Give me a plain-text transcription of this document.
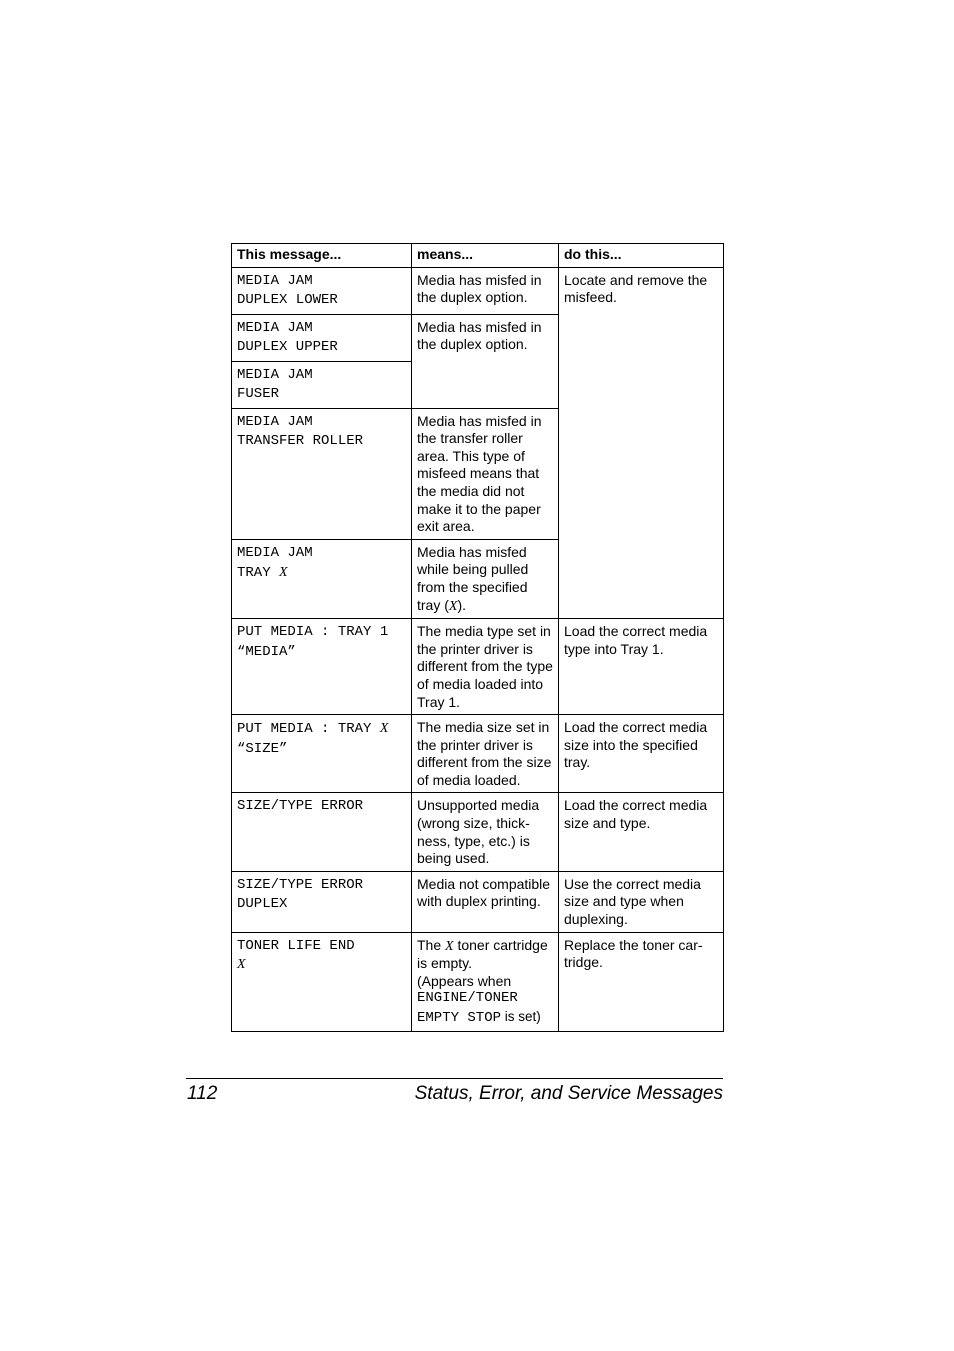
This message...	means...	do this...

MEDIA JAM
DUPLEX LOWER	Media has misfed in the duplex option.	Locate and remove the misfeed.

MEDIA JAM
DUPLEX UPPER	Media has misfed in the duplex option.	

MEDIA JAM
FUSER		

MEDIA JAM
TRANSFER ROLLER	Media has misfed in the transfer roller area. This type of misfeed means that the media did not make it to the paper exit area.	

MEDIA JAM
TRAY X	Media has misfed while being pulled from the specified tray (X).	

PUT MEDIA : TRAY 1
“MEDIA”	The media type set in the printer driver is different from the type of media loaded into Tray 1.	Load the correct media type into Tray 1.

PUT MEDIA : TRAY X
“SIZE”	The media size set in the printer driver is different from the size of media loaded.	Load the correct media size into the specified tray.

SIZE/TYPE ERROR	Unsupported media (wrong size, thick-ness, type, etc.) is being used.	Load the correct media size and type.

SIZE/TYPE ERROR
DUPLEX	Media not compatible with duplex printing.	Use the correct media size and type when duplexing.

TONER LIFE END
X	The X toner cartridge is empty.
(Appears when
ENGINE/TONER
EMPTY STOP is set)	Replace the toner car-tridge.
112	Status, Error, and Service Messages
